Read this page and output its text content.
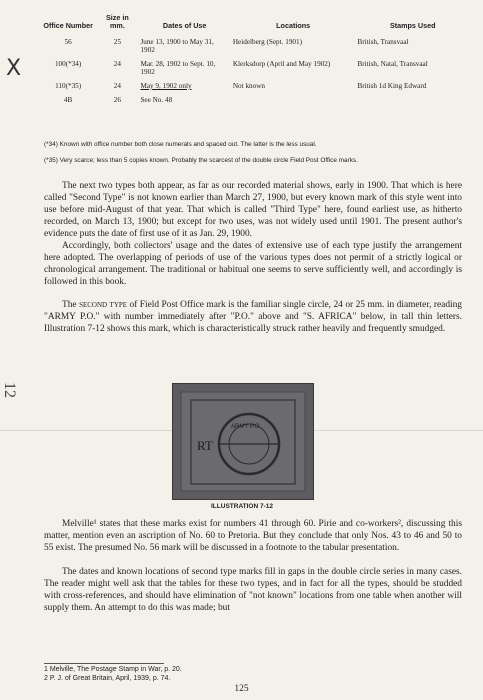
Office Number	Size in mm.	Dates of Use	Locations	Stamps Used
56	25	June 13, 1900 to May 31, 1902	Heidelberg (Sept. 1901)	British, Transvaal
100(*34)	24	Mar. 28, 1902 to Sept. 10, 1902	Klerksdorp (April and May 1902)	British, Natal, Transvaal
110(*35)	24	May 9, 1902 only	Not known	British 1d King Edward
4B	26	See No. 48		
X
12
(*34) Known with office number both close numerals and spaced out. The latter is the less usual.
(*35) Very scarce; less than 5 copies known. Probably the scarcest of the double circle Field Post Office marks.

The next two types both appear, as far as our recorded material shows, early in 1900. That which is here called "Second Type" is not known earlier than March 27, 1900, but every known mark of this style went into use before mid-August of that year. That which is called "Third Type" here, found earliest use, as hitherto recorded, on March 13, 1900; but except for two uses, was not widely used until 1901. The present author's evidence puts the date of first use of it as Jan. 29, 1900.

Accordingly, both collectors' usage and the dates of extensive use of each type justify the arrangement here adopted. The overlapping of periods of use of the various types does not permit of a strictly logical or chronological arrangement. The traditional or habitual one seems to serve sufficiently well, and accordingly is followed in this book.

The second type of Field Post Office mark is the familiar single circle, 24 or 25 mm. in diameter, reading "ARMY P.O." with number immediately after "P.O." above and "S. AFRICA" below, in tall thin letters. Illustration 7-12 shows this mark, which is characteristically struck rather heavily and frequently smudged.

RT
ARMY P.O.
ILLUSTRATION 7-12

Melville¹ states that these marks exist for numbers 41 through 60. Pirie and co-workers², discussing this matter, mention even an ascription of No. 60 to Pretoria. But they conclude that only Nos. 43 to 46 and 50 to 55 exist. The presumed No. 56 mark will be discussed in a footnote to the tabular presentation.

The dates and known locations of second type marks fill in gaps in the double circle series in many cases. The reader might well ask that the tables for these two types, and in fact for all the types, should be studded with cross-references, and should have elimination of "not known" locations from one table when another will supply them. An attempt to do this was made; but

1 Melville, The Postage Stamp in War, p. 20.
2 P. J. of Great Britain, April, 1939, p. 74.
125
